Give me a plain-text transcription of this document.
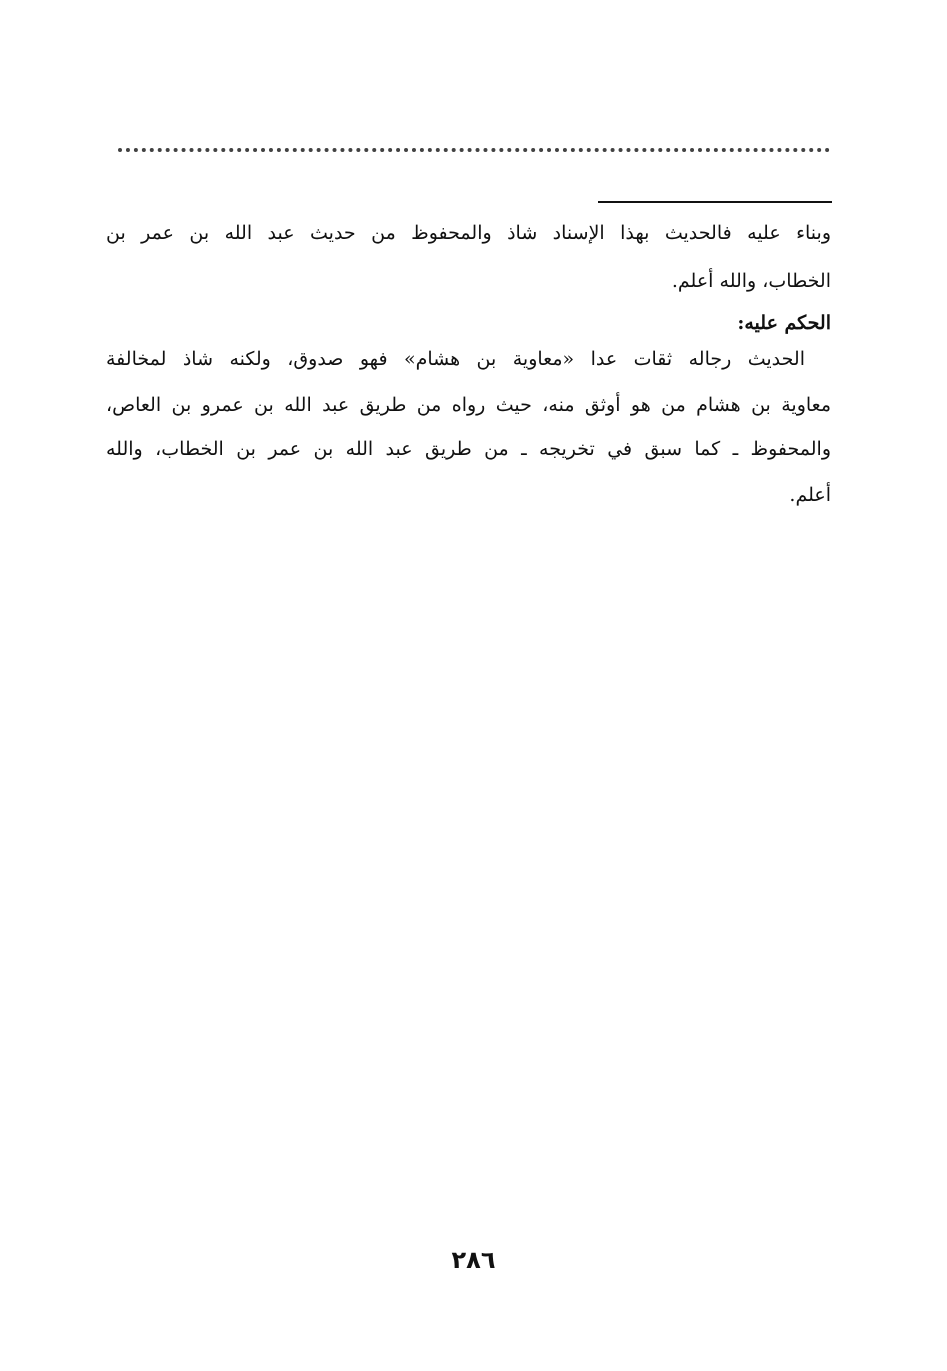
وبناء عليه فالحديث بهذا الإسناد شاذ والمحفوظ من حديث عبد الله بن عمر بن
الخطاب، والله أعلم.
الحكم عليه:
الحديث رجاله ثقات عدا «معاوية بن هشام» فهو صدوق، ولكنه شاذ لمخالفة
معاوية بن هشام من هو أوثق منه، حيث رواه من طريق عبد الله بن عمرو بن العاص،
والمحفوظ ـ كما سبق في تخريجه ـ من طريق عبد الله بن عمر بن الخطاب، والله
أعلم.
٢٨٦
